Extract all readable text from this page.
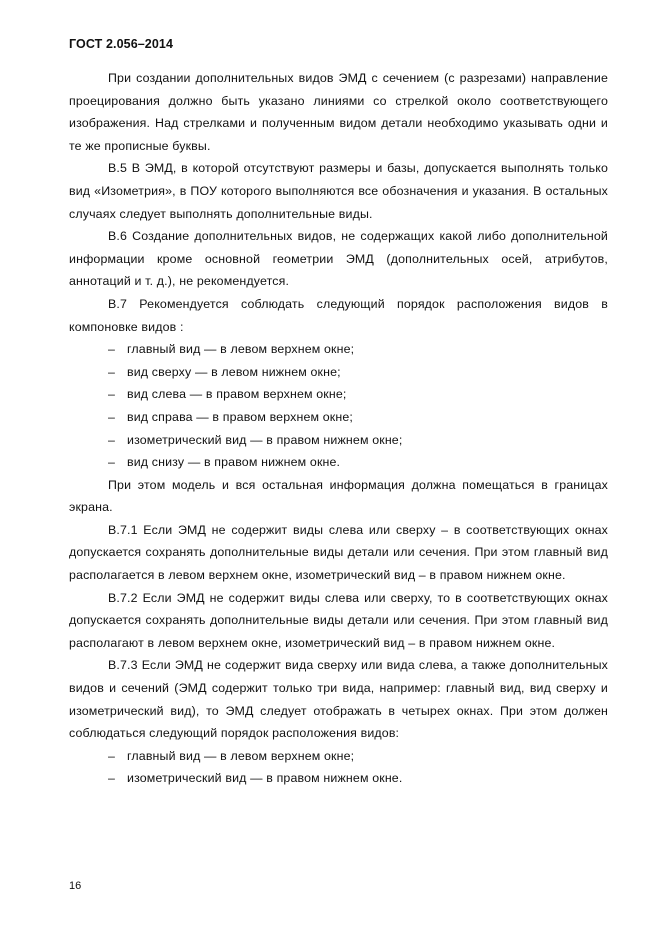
ГОСТ 2.056–2014

При создании дополнительных видов ЭМД с сечением (с разрезами) направление проецирования должно быть указано линиями со стрелкой около соответствующего изображения. Над стрелками и полученным видом детали необходимо указывать одни и те же прописные буквы.

В.5 В ЭМД, в которой отсутствуют размеры и базы, допускается выполнять только вид «Изометрия», в ПОУ которого выполняются все обозначения и указания. В остальных случаях следует выполнять дополнительные виды.

В.6 Создание дополнительных видов, не содержащих какой либо дополнительной информации кроме основной геометрии ЭМД (дополнительных осей, атрибутов, аннотаций и т. д.), не рекомендуется.

В.7 Рекомендуется соблюдать следующий порядок расположения видов в компоновке видов :

– главный вид — в левом верхнем окне;
– вид сверху — в левом нижнем окне;
– вид слева — в правом верхнем окне;
– вид справа — в правом верхнем окне;
– изометрический вид — в правом нижнем окне;
– вид снизу — в правом нижнем окне.

При этом модель и вся остальная информация должна помещаться в границах экрана.

В.7.1 Если ЭМД не содержит виды слева или сверху – в соответствующих окнах допускается сохранять дополнительные виды детали или сечения. При этом главный вид располагается в левом верхнем окне, изометрический вид – в правом нижнем окне.

В.7.2 Если ЭМД не содержит виды слева или сверху, то в соответствующих окнах допускается сохранять дополнительные виды детали или сечения. При этом главный вид располагают в левом верхнем окне, изометрический вид – в правом нижнем окне.

В.7.3 Если ЭМД не содержит вида сверху или вида слева, а также дополнительных видов и сечений (ЭМД содержит только три вида, например: главный вид, вид сверху и изометрический вид), то ЭМД следует отображать в четырех окнах. При этом должен соблюдаться следующий порядок расположения видов:

– главный вид — в левом верхнем окне;
– изометрический вид — в правом нижнем окне.
16
